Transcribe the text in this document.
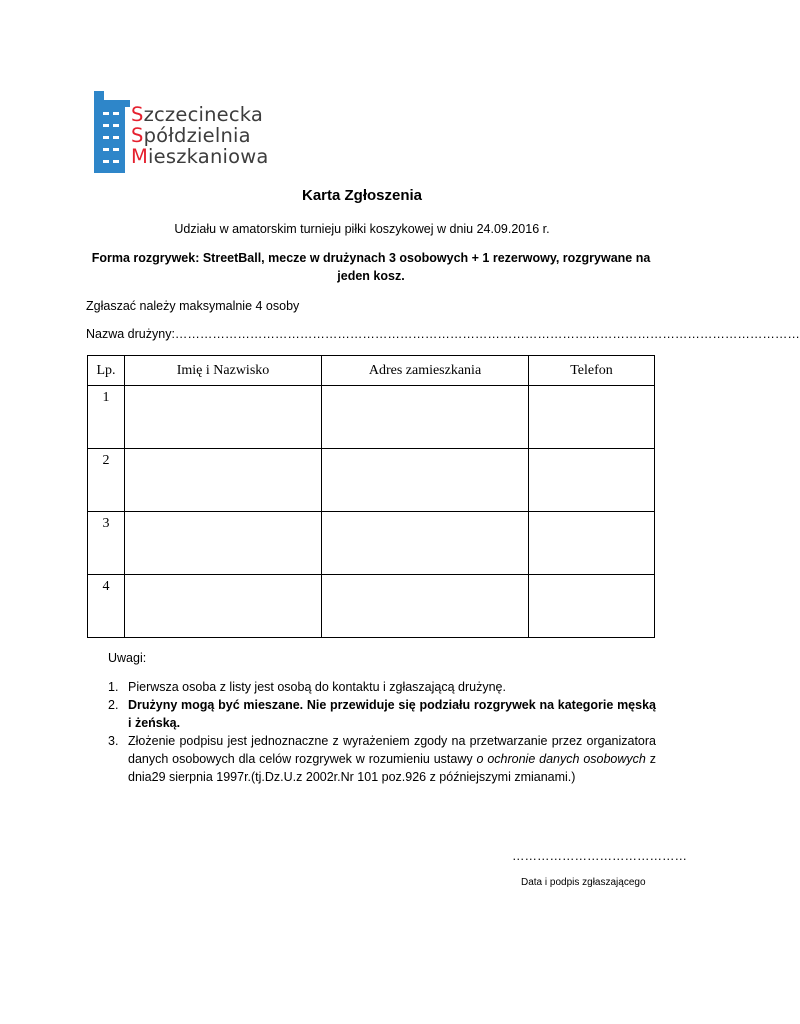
Szczecinecka
Spółdzielnia
Mieszkaniowa
Karta Zgłoszenia
Udziału w amatorskim turnieju piłki koszykowej w dniu 24.09.2016 r.
Forma rozgrywek: StreetBall, mecze w drużynach 3 osobowych + 1 rezerwowy, rozgrywane na jeden kosz.
Zgłaszać należy maksymalnie 4 osoby
Nazwa drużyny:……………………………………………………………………………………………………………………………………
Lp.	Imię i Nazwisko	Adres zamieszkania	Telefon
1			
2			
3			
4			
Uwagi:
1. Pierwsza osoba z listy jest osobą do kontaktu i zgłaszającą drużynę.
2. Drużyny mogą być mieszane. Nie przewiduje się podziału rozgrywek na kategorie męską i żeńską.
3. Złożenie podpisu jest jednoznaczne z wyrażeniem zgody na przetwarzanie przez organizatora danych osobowych dla celów rozgrywek w rozumieniu ustawy o ochronie danych osobowych z dnia29 sierpnia 1997r.(tj.Dz.U.z 2002r.Nr 101 poz.926 z późniejszymi zmianami.)
……………………………………
Data i podpis zgłaszającego
